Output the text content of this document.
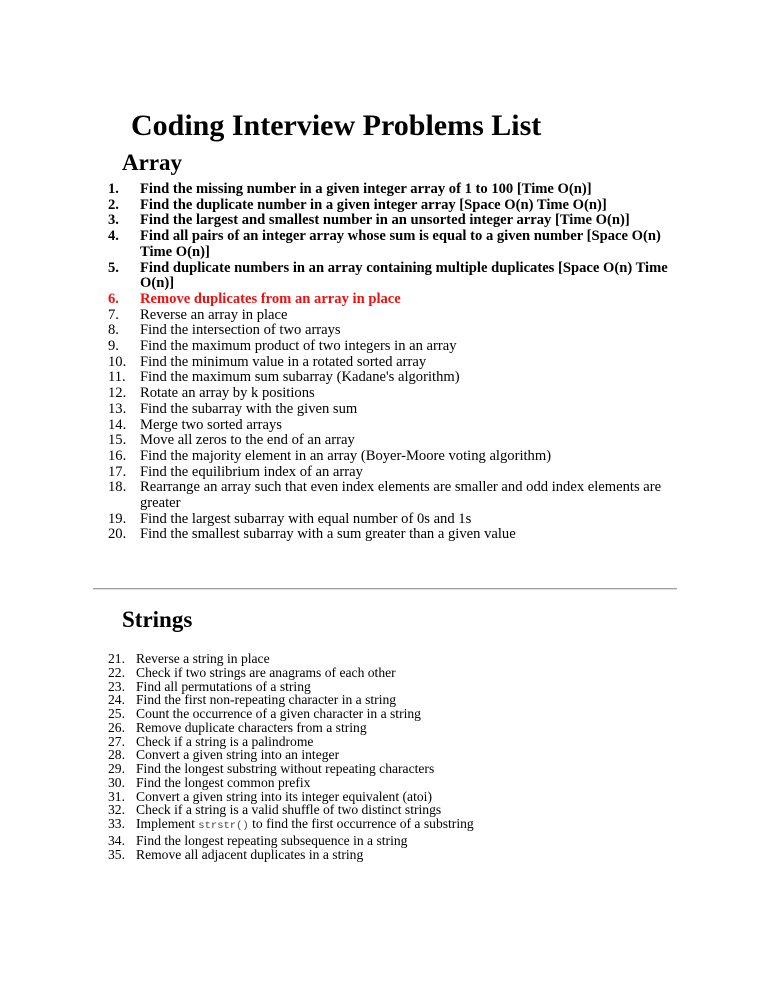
Coding Interview Problems List
Array
1. Find the missing number in a given integer array of 1 to 100 [Time O(n)]
2. Find the duplicate number in a given integer array [Space O(n) Time O(n)]
3. Find the largest and smallest number in an unsorted integer array [Time O(n)]
4. Find all pairs of an integer array whose sum is equal to a given number [Space O(n) Time O(n)]
5. Find duplicate numbers in an array containing multiple duplicates [Space O(n) Time O(n)]
6. Remove duplicates from an array in place
7. Reverse an array in place
8. Find the intersection of two arrays
9. Find the maximum product of two integers in an array
10. Find the minimum value in a rotated sorted array
11. Find the maximum sum subarray (Kadane's algorithm)
12. Rotate an array by k positions
13. Find the subarray with the given sum
14. Merge two sorted arrays
15. Move all zeros to the end of an array
16. Find the majority element in an array (Boyer-Moore voting algorithm)
17. Find the equilibrium index of an array
18. Rearrange an array such that even index elements are smaller and odd index elements are greater
19. Find the largest subarray with equal number of 0s and 1s
20. Find the smallest subarray with a sum greater than a given value
Strings
21. Reverse a string in place
22. Check if two strings are anagrams of each other
23. Find all permutations of a string
24. Find the first non-repeating character in a string
25. Count the occurrence of a given character in a string
26. Remove duplicate characters from a string
27. Check if a string is a palindrome
28. Convert a given string into an integer
29. Find the longest substring without repeating characters
30. Find the longest common prefix
31. Convert a given string into its integer equivalent (atoi)
32. Check if a string is a valid shuffle of two distinct strings
33. Implement strstr() to find the first occurrence of a substring
34. Find the longest repeating subsequence in a string
35. Remove all adjacent duplicates in a string
